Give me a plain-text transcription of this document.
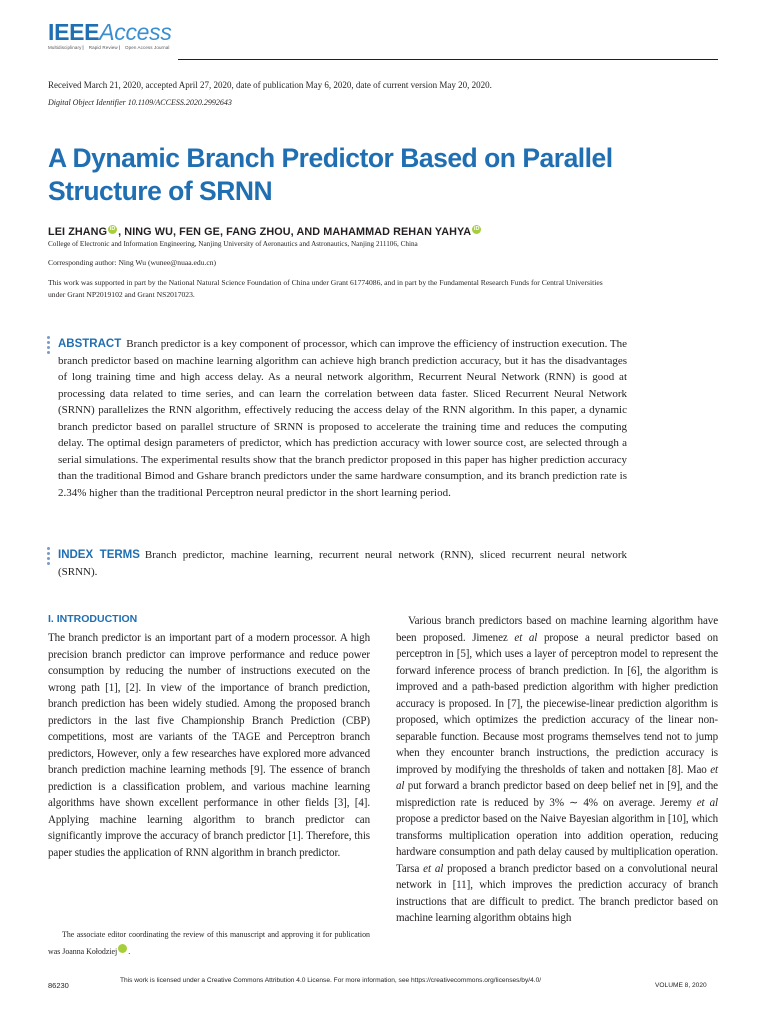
IEEEAccess
Multidisciplinary ⎸ Rapid Review ⎸ Open Access Journal
Received March 21, 2020, accepted April 27, 2020, date of publication May 6, 2020, date of current version May 20, 2020.
Digital Object Identifier 10.1109/ACCESS.2020.2992643
A Dynamic Branch Predictor Based on Parallel Structure of SRNN
LEI ZHANG iD , NING WU, FEN GE, FANG ZHOU, AND MAHAMMAD REHAN YAHYA iD
College of Electronic and Information Engineering, Nanjing University of Aeronautics and Astronautics, Nanjing 211106, China
Corresponding author: Ning Wu (wunee@nuaa.edu.cn)
This work was supported in part by the National Natural Science Foundation of China under Grant 61774086, and in part by the Fundamental Research Funds for Central Universities under Grant NP2019102 and Grant NS2017023.
ABSTRACT Branch predictor is a key component of processor, which can improve the efficiency of instruction execution. The branch predictor based on machine learning algorithm can achieve high branch prediction accuracy, but it has the disadvantages of long training time and high access delay. As a neural network algorithm, Recurrent Neural Network (RNN) is good at processing data related to time series, and can learn the correlation between data faster. Sliced Recurrent Neural Network (SRNN) parallelizes the RNN algorithm, effectively reducing the access delay of the RNN algorithm. In this paper, a dynamic branch predictor based on parallel structure of SRNN is proposed to accelerate the training time and reduces the computing delay. The optimal design parameters of predictor, which has prediction accuracy with lower source cost, are selected through a serial simulations. The experimental results show that the branch predictor proposed in this paper has higher prediction accuracy than the traditional Bimod and Gshare branch predictors under the same hardware consumption, and its branch prediction rate is 2.34% higher than the traditional Perceptron neural predictor in the short learning period.
INDEX TERMS Branch predictor, machine learning, recurrent neural network (RNN), sliced recurrent neural network (SRNN).
I. INTRODUCTION

The branch predictor is an important part of a modern processor. A high precision branch predictor can improve performance and reduce power consumption by reducing the number of instructions executed on the wrong path [1], [2]. In view of the importance of branch prediction, branch prediction has been widely studied. Among the proposed branch predictors in the last five Championship Branch Prediction (CBP) competitions, most are variants of the TAGE and Perceptron branch predictors, However, only a few researches have explored more advanced branch prediction machine learning methods [9]. The essence of branch prediction is a classification problem, and various machine learning algorithms have shown excellent performance in other fields [3], [4]. Applying machine learning algorithm to branch predictor can significantly improve the accuracy of branch predictor [1]. Therefore, this paper studies the application of RNN algorithm in branch predictor.

Various branch predictors based on machine learning algorithm have been proposed. Jimenez et al propose a neural predictor based on perceptron in [5], which uses a layer of perceptron model to represent the forward inference process of branch prediction. In [6], the algorithm is improved and a path-based prediction algorithm with higher prediction accuracy is proposed. In [7], the piecewise-linear prediction algorithm is proposed, which optimizes the prediction accuracy of the linear non-separable function. Because most programs themselves tend not to jump when they encounter branch instructions, the prediction accuracy is improved by modifying the thresholds of taken and nottaken [8]. Mao et al put forward a branch predictor based on deep belief net in [9], and the misprediction rate is reduced by 3% ∼ 4% on average. Jeremy et al propose a predictor based on the Naive Bayesian algorithm in [10], which transforms multiplication operation into addition operation, reducing hardware consumption and path delay caused by multiplication operation. Tarsa et al proposed a branch predictor based on a convolutional neural network in [11], which improves the prediction accuracy of branch instructions that are difficult to predict. The branch predictor based on machine learning algorithm obtains high

The associate editor coordinating the review of this manuscript and approving it for publication was Joanna Kołodziej	iD.

86230
This work is licensed under a Creative Commons Attribution 4.0 License. For more information, see https://creativecommons.org/licenses/by/4.0/
VOLUME 8, 2020
